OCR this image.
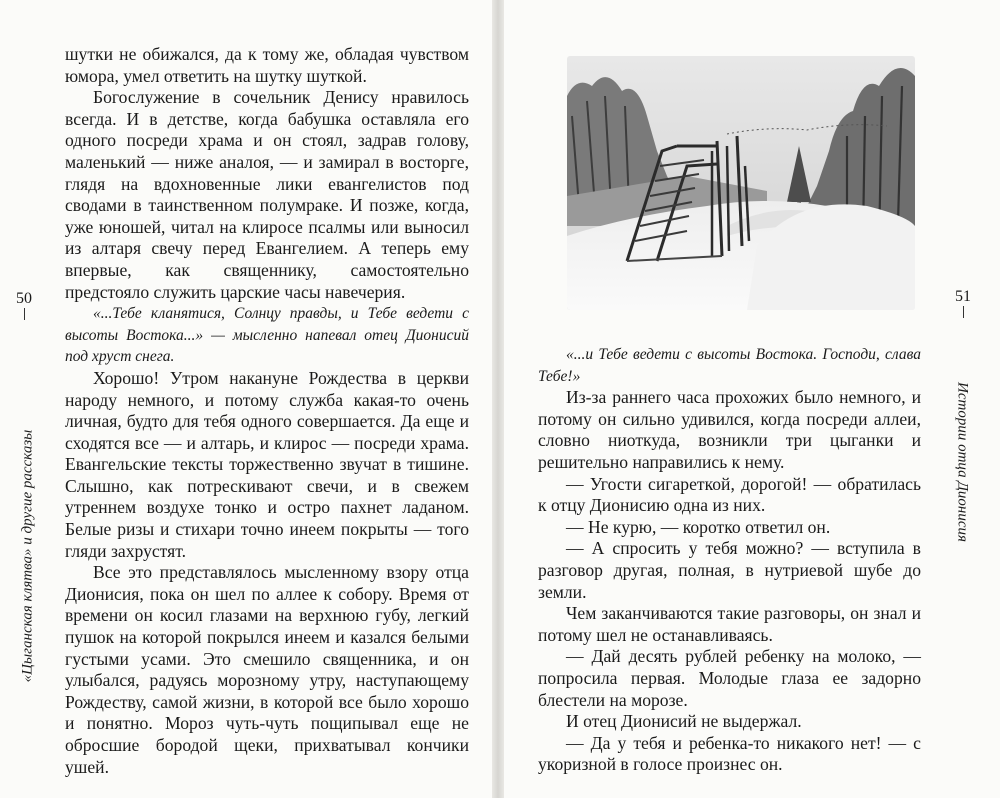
50
«Цыганская клятва» и другие рассказы

шутки не обижался, да к тому же, обладая чувством юмора, умел ответить на шутку шуткой.

Богослужение в сочельник Денису нравилось всегда. И в детстве, когда бабушка оставляла его одного посреди храма и он стоял, задрав голову, маленький — ниже аналоя, — и замирал в восторге, глядя на вдохновенные лики евангелистов под сводами в таинственном полумраке. И позже, когда, уже юношей, читал на клиросе псалмы или выносил из алтаря свечу перед Евангелием. А теперь ему впервые, как священнику, самостоятельно предстояло служить царские часы навечерия.

«...Тебе кланятися, Солнцу правды, и Тебе ведети с высоты Востока...» — мысленно напевал отец Дионисий под хруст снега.

Хорошо! Утром накануне Рождества в церкви народу немного, и потому служба какая-то очень личная, будто для тебя одного совершается. Да еще и сходятся все — и алтарь, и клирос — посреди храма. Евангельские тексты торжественно звучат в тишине. Слышно, как потрескивают свечи, и в свежем утреннем воздухе тонко и остро пахнет ладаном. Белые ризы и стихари точно инеем покрыты — того гляди захрустят.

Все это представлялось мысленному взору отца Дионисия, пока он шел по аллее к собору. Время от времени он косил глазами на верхнюю губу, легкий пушок на которой покрылся инеем и казался белыми густыми усами. Это смешило священника, и он улыбался, радуясь морозному утру, наступающему Рождеству, самой жизни, в которой все было хорошо и понятно. Мороз чуть-чуть пощипывал еще не обросшие бородой щеки, прихватывал кончики ушей.

51
Истории отца Дионисия

«...и Тебе ведети с высоты Востока. Господи, слава Тебе!»

Из-за раннего часа прохожих было немного, и потому он сильно удивился, когда посреди аллеи, словно ниоткуда, возникли три цыганки и решительно направились к нему.

— Угости сигареткой, дорогой! — обратилась к отцу Дионисию одна из них.

— Не курю, — коротко ответил он.

— А спросить у тебя можно? — вступила в разговор другая, полная, в нутриевой шубе до земли.

Чем заканчиваются такие разговоры, он знал и потому шел не останавливаясь.

— Дай десять рублей ребенку на молоко, — попросила первая. Молодые глаза ее задорно блестели на морозе.

И отец Дионисий не выдержал.

— Да у тебя и ребенка-то никакого нет! — с укоризной в голосе произнес он.
